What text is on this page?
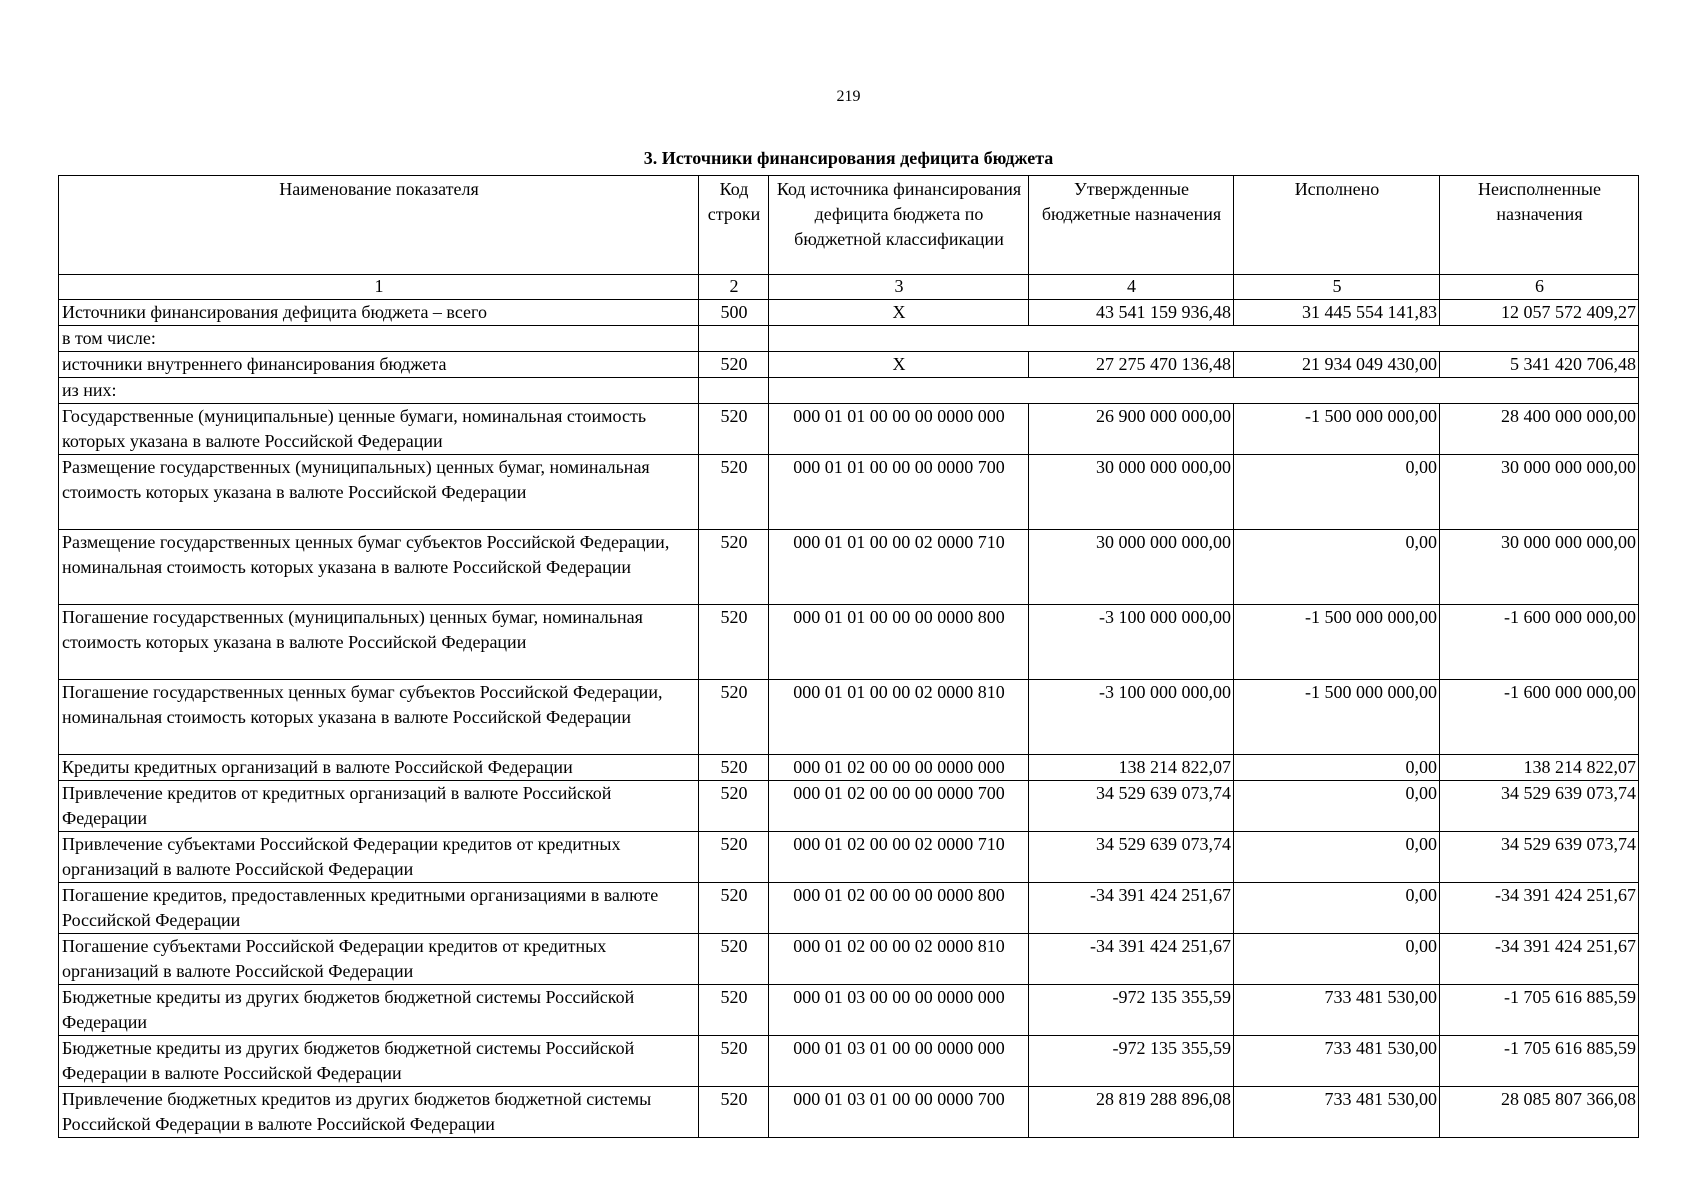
219
3. Источники финансирования дефицита бюджета
Наименование показателя	Код строки	Код источника финансирования дефицита бюджета по бюджетной классификации	Утвержденные бюджетные назначения	Исполнено	Неисполненные назначения
1	2	3	4	5	6
Источники финансирования дефицита бюджета – всего	500	X	43 541 159 936,48	31 445 554 141,83	12 057 572 409,27
в том числе:					
источники внутреннего финансирования бюджета	520	X	27 275 470 136,48	21 934 049 430,00	5 341 420 706,48
из них:					
Государственные (муниципальные) ценные бумаги, номинальная стоимость которых указана в валюте Российской Федерации	520	000 01 01 00 00 00 0000 000	26 900 000 000,00	-1 500 000 000,00	28 400 000 000,00
Размещение государственных (муниципальных) ценных бумаг, номинальная стоимость которых указана в валюте Российской Федерации	520	000 01 01 00 00 00 0000 700	30 000 000 000,00	0,00	30 000 000 000,00
Размещение государственных ценных бумаг субъектов Российской Федерации, номинальная стоимость которых указана в валюте Российской Федерации	520	000 01 01 00 00 02 0000 710	30 000 000 000,00	0,00	30 000 000 000,00
Погашение государственных (муниципальных) ценных бумаг, номинальная стоимость которых указана в валюте Российской Федерации	520	000 01 01 00 00 00 0000 800	-3 100 000 000,00	-1 500 000 000,00	-1 600 000 000,00
Погашение государственных ценных бумаг субъектов Российской Федерации, номинальная стоимость которых указана в валюте Российской Федерации	520	000 01 01 00 00 02 0000 810	-3 100 000 000,00	-1 500 000 000,00	-1 600 000 000,00
Кредиты кредитных организаций в валюте Российской Федерации	520	000 01 02 00 00 00 0000 000	138 214 822,07	0,00	138 214 822,07
Привлечение кредитов от кредитных организаций в валюте Российской Федерации	520	000 01 02 00 00 00 0000 700	34 529 639 073,74	0,00	34 529 639 073,74
Привлечение субъектами Российской Федерации кредитов от кредитных организаций в валюте Российской Федерации	520	000 01 02 00 00 02 0000 710	34 529 639 073,74	0,00	34 529 639 073,74
Погашение кредитов, предоставленных кредитными организациями в валюте Российской Федерации	520	000 01 02 00 00 00 0000 800	-34 391 424 251,67	0,00	-34 391 424 251,67
Погашение субъектами Российской Федерации кредитов от кредитных организаций в валюте Российской Федерации	520	000 01 02 00 00 02 0000 810	-34 391 424 251,67	0,00	-34 391 424 251,67
Бюджетные кредиты из других бюджетов бюджетной системы Российской Федерации	520	000 01 03 00 00 00 0000 000	-972 135 355,59	733 481 530,00	-1 705 616 885,59
Бюджетные кредиты из других бюджетов бюджетной системы Российской Федерации в валюте Российской Федерации	520	000 01 03 01 00 00 0000 000	-972 135 355,59	733 481 530,00	-1 705 616 885,59
Привлечение бюджетных кредитов из других бюджетов бюджетной системы Российской Федерации в валюте Российской Федерации	520	000 01 03 01 00 00 0000 700	28 819 288 896,08	733 481 530,00	28 085 807 366,08
